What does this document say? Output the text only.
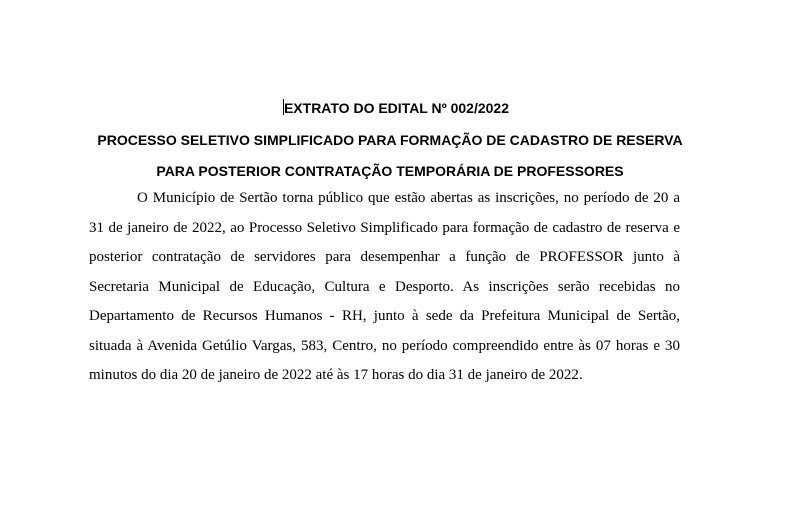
EXTRATO DO EDITAL Nº 002/2022
PROCESSO SELETIVO SIMPLIFICADO PARA FORMAÇÃO DE CADASTRO DE RESERVA
PARA POSTERIOR CONTRATAÇÃO TEMPORÁRIA DE PROFESSORES

O Município de Sertão torna público que estão abertas as inscrições, no período de 20 a 31 de janeiro de 2022, ao Processo Seletivo Simplificado para formação de cadastro de reserva e posterior contratação de servidores para desempenhar a função de PROFESSOR junto à Secretaria Municipal de Educação, Cultura e Desporto. As inscrições serão recebidas no Departamento de Recursos Humanos - RH, junto à sede da Prefeitura Municipal de Sertão, situada à Avenida Getúlio Vargas, 583, Centro, no período compreendido entre às 07 horas e 30 minutos do dia 20 de janeiro de 2022 até às 17 horas do dia 31 de janeiro de 2022.
